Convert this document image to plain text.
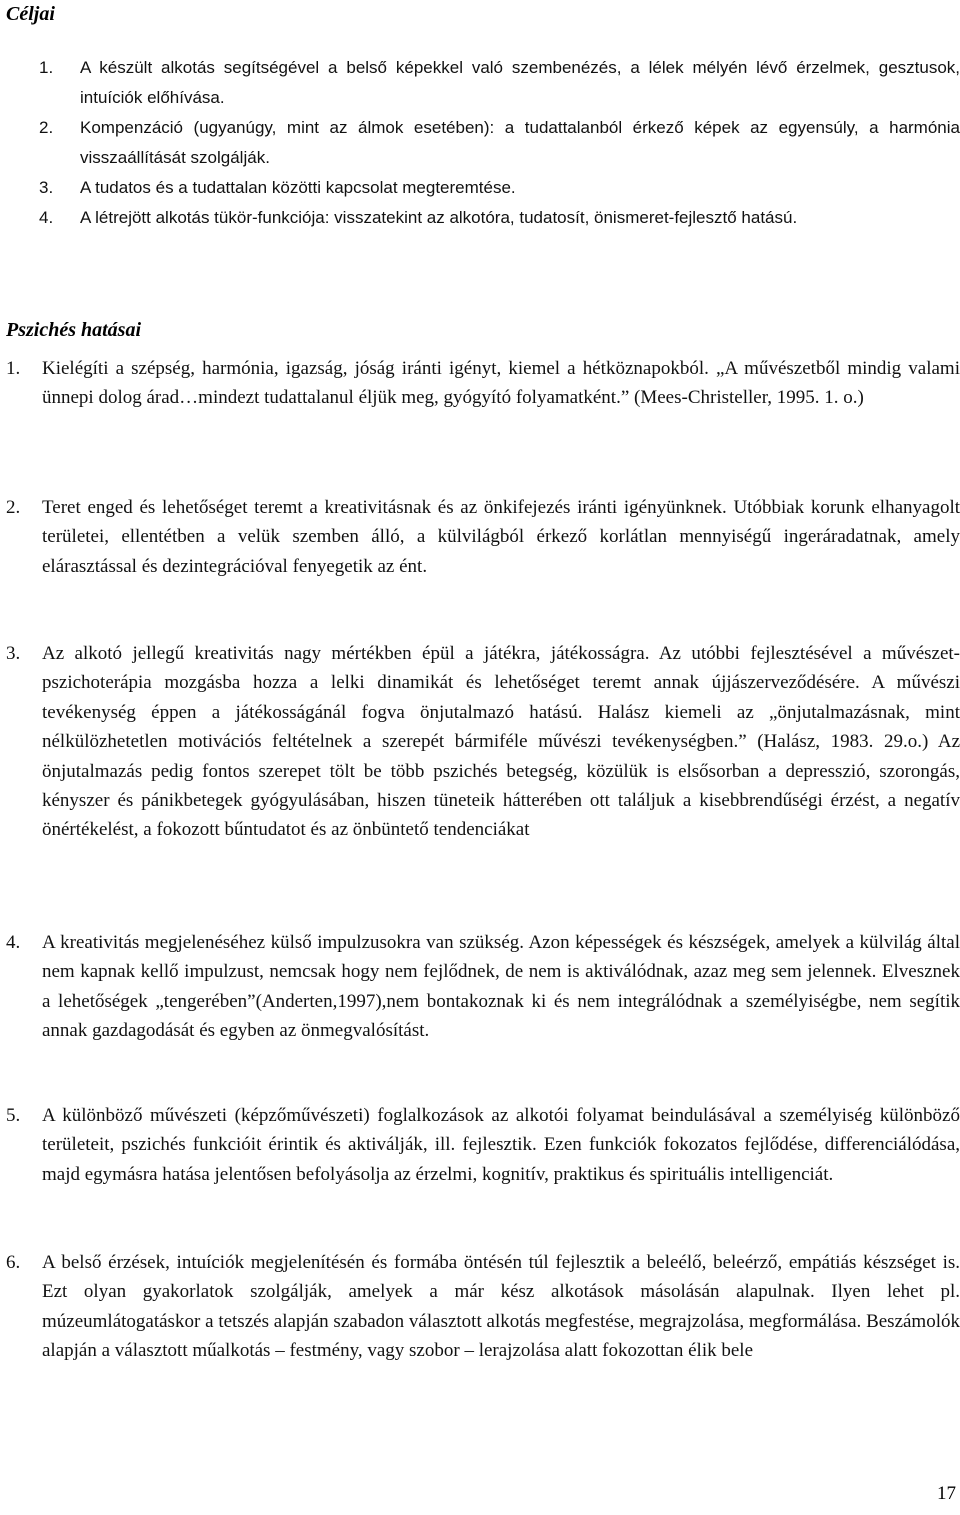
Céljai
1.	A készült alkotás segítségével a belső képekkel való szembenézés, a lélek mélyén lévő érzelmek, gesztusok, intuíciók előhívása.
2.	Kompenzáció (ugyanúgy, mint az álmok esetében): a tudattalanból érkező képek az egyensúly, a harmónia visszaállítását szolgálják.
3.	A tudatos és a tudattalan közötti kapcsolat megteremtése.
4.	A létrejött alkotás tükör-funkciója: visszatekint az alkotóra, tudatosít, önismeret-fejlesztő hatású.
Pszichés hatásai
1.	Kielégíti a szépség, harmónia, igazság, jóság iránti igényt, kiemel a hétköznapokból. „A művészetből mindig valami ünnepi dolog árad…mindezt tudattalanul éljük meg, gyógyító folyamatként.” (Mees-Christeller, 1995. 1. o.)
2.	Teret enged és lehetőséget teremt a kreativitásnak és az önkifejezés iránti igényünknek. Utóbbiak korunk elhanyagolt területei, ellentétben a velük szemben álló, a külvilágból érkező korlátlan mennyiségű ingeráradatnak, amely elárasztással és dezintegrációval fenyegetik az ént.
3.	Az alkotó jellegű kreativitás nagy mértékben épül a játékra, játékosságra. Az utóbbi fejlesztésével a művészet-pszichoterápia mozgásba hozza a lelki dinamikát és lehetőséget teremt annak újjászerveződésére. A művészi tevékenység éppen a játékosságánál fogva önjutalmazó hatású. Halász kiemeli az „önjutalmazásnak, mint nélkülözhetetlen motivációs feltételnek a szerepét bármiféle művészi tevékenységben.” (Halász, 1983. 29.o.) Az önjutalmazás pedig fontos szerepet tölt be több pszichés betegség, közülük is elsősorban a depresszió, szorongás, kényszer és pánikbetegek gyógyulásában, hiszen tüneteik hátterében ott találjuk a kisebbrendűségi érzést, a negatív önértékelést, a fokozott bűntudatot és az önbüntető tendenciákat
4.	A kreativitás megjelenéséhez külső impulzusokra van szükség. Azon képességek és készségek, amelyek a külvilág által nem kapnak kellő impulzust, nemcsak hogy nem fejlődnek, de nem is aktiválódnak, azaz meg sem jelennek. Elvesznek a lehetőségek „tengerében”(Anderten,1997),nem bontakoznak ki és nem integrálódnak a személyiségbe, nem segítik annak gazdagodását és egyben az önmegvalósítást.
5.	A különböző művészeti (képzőművészeti) foglalkozások az alkotói folyamat beindulásával a személyiség különböző területeit, pszichés funkcióit érintik és aktiválják, ill. fejlesztik. Ezen funkciók fokozatos fejlődése, differenciálódása, majd egymásra hatása jelentősen befolyásolja az érzelmi, kognitív, praktikus és spirituális intelligenciát.
6.	A belső érzések, intuíciók megjelenítésén és formába öntésén túl fejlesztik a beleélő, beleérző, empátiás készséget is. Ezt olyan gyakorlatok szolgálják, amelyek a már kész alkotások másolásán alapulnak. Ilyen lehet pl. múzeumlátogatáskor a tetszés alapján szabadon választott alkotás megfestése, megrajzolása, megformálása. Beszámolók alapján a választott műalkotás – festmény, vagy szobor – lerajzolása alatt fokozottan élik bele
17
